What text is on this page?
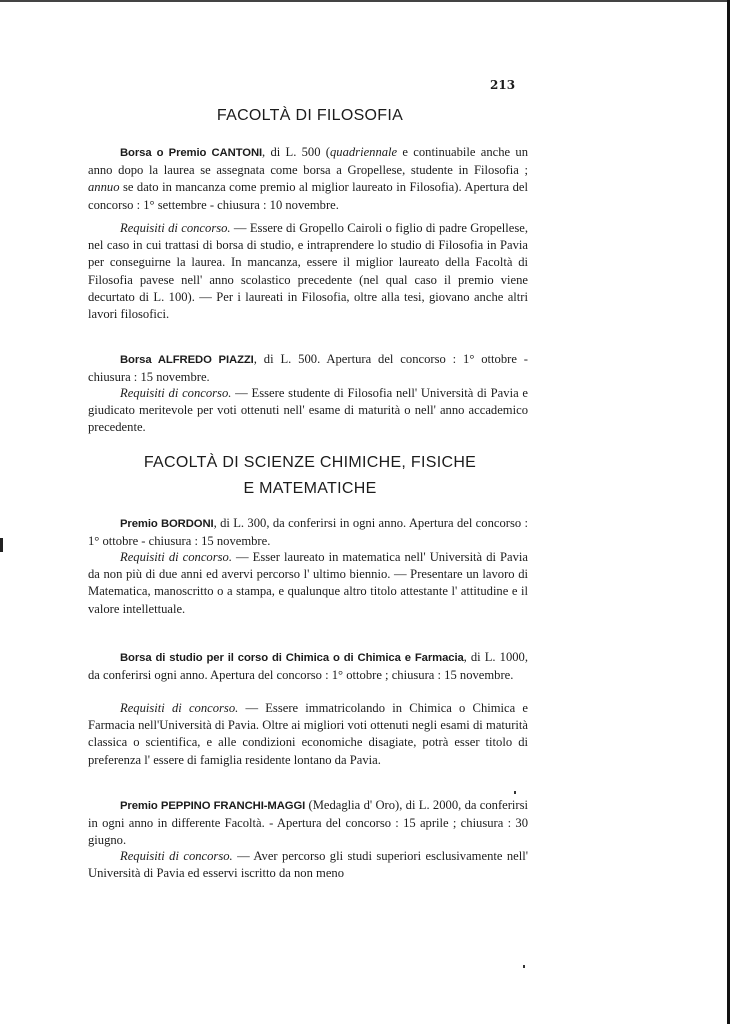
213
FACOLTÀ DI FILOSOFIA

Borsa o Premio CANTONI, di L. 500 (quadriennale e continuabile anche un anno dopo la laurea se assegnata come borsa a Gropellese, studente in Filosofia ; annuo se dato in mancanza come premio al miglior laureato in Filosofia). Apertura del concorso : 1° settembre - chiusura : 10 novembre.

Requisiti di concorso. — Essere di Gropello Cairoli o figlio di padre Gropellese, nel caso in cui trattasi di borsa di studio, e intraprendere lo studio di Filosofia in Pavia per conseguirne la laurea. In mancanza, essere il miglior laureato della Facoltà di Filosofia pavese nell' anno scolastico precedente (nel qual caso il premio viene decurtato di L. 100). — Per i laureati in Filosofia, oltre alla tesi, giovano anche altri lavori filosofici.

Borsa ALFREDO PIAZZI, di L. 500. Apertura del concorso : 1° ottobre - chiusura : 15 novembre.

Requisiti di concorso. — Essere studente di Filosofia nell' Università di Pavia e giudicato meritevole per voti ottenuti nell' esame di maturità o nell' anno accademico precedente.

FACOLTÀ DI SCIENZE CHIMICHE, FISICHE
E MATEMATICHE

Premio BORDONI, di L. 300, da conferirsi in ogni anno. Apertura del concorso : 1° ottobre - chiusura : 15 novembre.

Requisiti di concorso. — Esser laureato in matematica nell' Università di Pavia da non più di due anni ed avervi percorso l' ultimo biennio. — Presentare un lavoro di Matematica, manoscritto o a stampa, e qualunque altro titolo attestante l' attitudine e il valore intellettuale.

Borsa di studio per il corso di Chimica o di Chimica e Farmacia, di L. 1000, da conferirsi ogni anno. Apertura del concorso : 1° ottobre ; chiusura : 15 novembre.

Requisiti di concorso. — Essere immatricolando in Chimica o Chimica e Farmacia nell'Università di Pavia. Oltre ai migliori voti ottenuti negli esami di maturità classica o scientifica, e alle condizioni economiche disagiate, potrà esser titolo di preferenza l' essere di famiglia residente lontano da Pavia.

Premio PEPPINO FRANCHI-MAGGI (Medaglia d' Oro), di L. 2000, da conferirsi in ogni anno in differente Facoltà. - Apertura del concorso : 15 aprile ; chiusura : 30 giugno.

Requisiti di concorso. — Aver percorso gli studi superiori esclusivamente nell' Università di Pavia ed esservi iscritto da non meno
